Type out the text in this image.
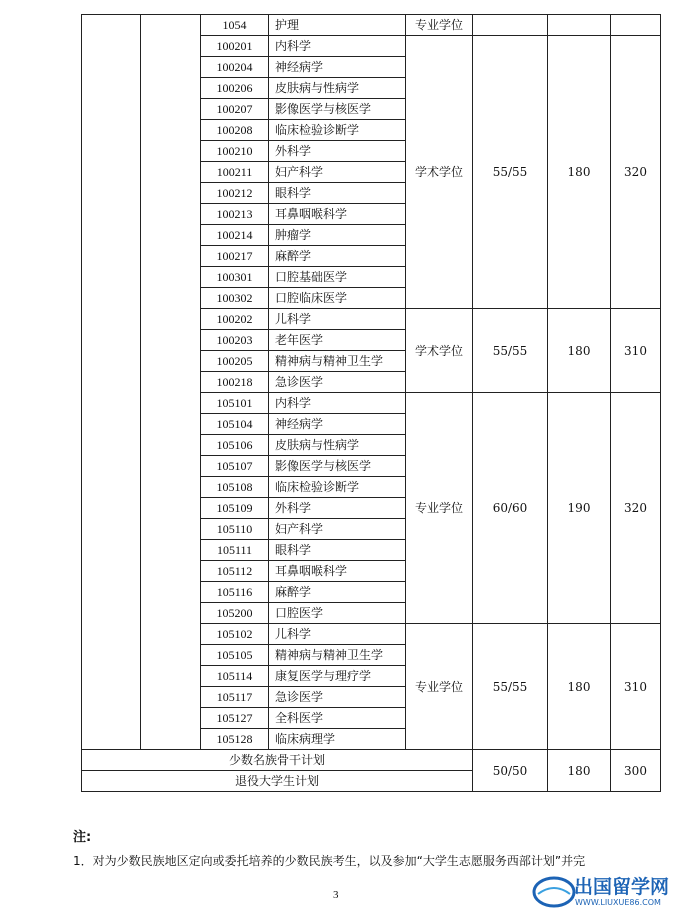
		1054	护理	专业学位			
		100201	内科学	学术学位	55/55	180	320
		100204	神经病学				
		100206	皮肤病与性病学				
		100207	影像医学与核医学				
		100208	临床检验诊断学				
		100210	外科学				
		100211	妇产科学				
		100212	眼科学				
		100213	耳鼻咽喉科学				
		100214	肿瘤学				
		100217	麻醉学				
		100301	口腔基础医学				
		100302	口腔临床医学				
		100202	儿科学	学术学位	55/55	180	310
		100203	老年医学				
		100205	精神病与精神卫生学				
		100218	急诊医学				
		105101	内科学	专业学位	60/60	190	320
		105104	神经病学				
		105106	皮肤病与性病学				
		105107	影像医学与核医学				
		105108	临床检验诊断学				
		105109	外科学				
		105110	妇产科学				
		105111	眼科学				
		105112	耳鼻咽喉科学				
		105116	麻醉学				
		105200	口腔医学				
		105102	儿科学	专业学位	55/55	180	310
		105105	精神病与精神卫生学				
		105114	康复医学与理疗学				
		105117	急诊医学				
		105127	全科医学				
		105128	临床病理学				
少数名族骨干计划					50/50	180	300
退役大学生计划							
注:
1．对为少数民族地区定向或委托培养的少数民族考生，以及参加“大学生志愿服务西部计划”并完
3	出国留学网
WWW.LIUXUE86.COM
